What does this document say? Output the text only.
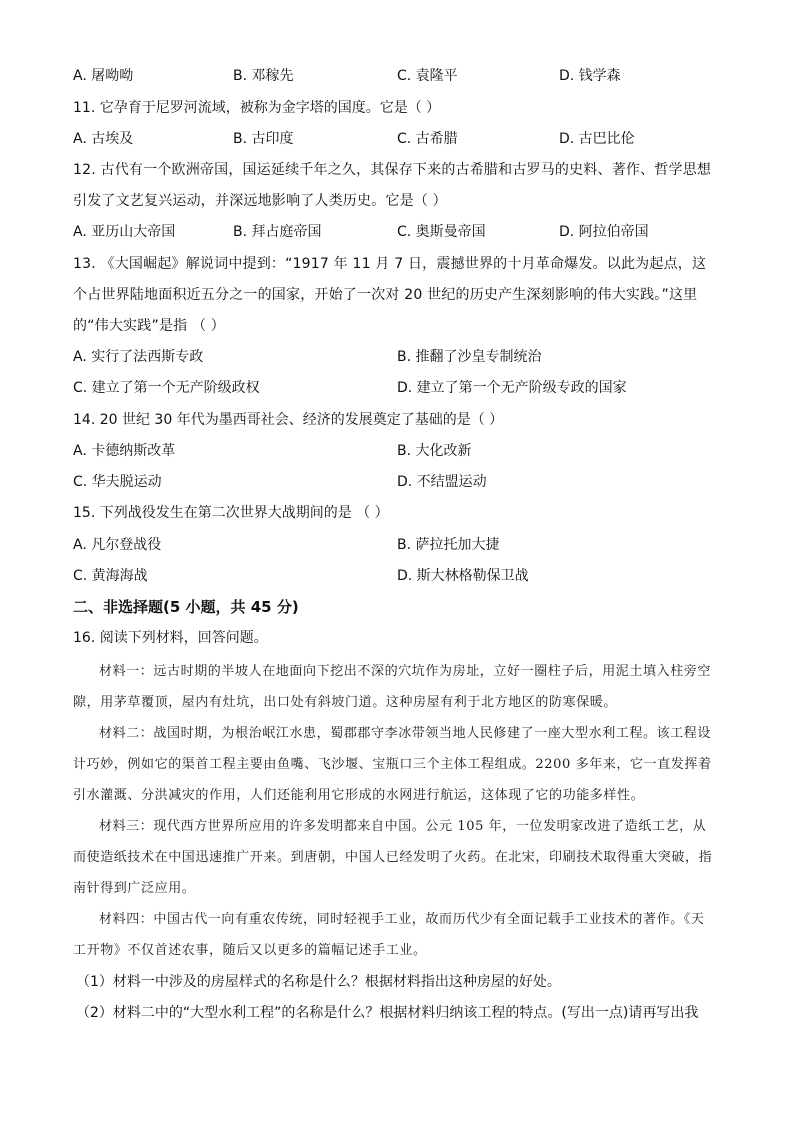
A. 屠呦呦	B. 邓稼先	C. 袁隆平	D. 钱学森
11. 它孕育于尼罗河流域，被称为金字塔的国度。它是（ ）
A. 古埃及	B. 古印度	C. 古希腊	D. 古巴比伦
12. 古代有一个欧洲帝国，国运延续千年之久，其保存下来的古希腊和古罗马的史料、著作、哲学思想引发了文艺复兴运动，并深远地影响了人类历史。它是（ ）
A. 亚历山大帝国	B. 拜占庭帝国	C. 奥斯曼帝国	D. 阿拉伯帝国
13. 《大国崛起》解说词中提到：“1917 年 11 月 7 日，震撼世界的十月革命爆发。以此为起点，这个占世界陆地面积近五分之一的国家，开始了一次对 20 世纪的历史产生深刻影响的伟大实践。”这里的“伟大实践”是指 （ ）
A. 实行了法西斯专政	B. 推翻了沙皇专制统治
C. 建立了第一个无产阶级政权	D. 建立了第一个无产阶级专政的国家
14. 20 世纪 30 年代为墨西哥社会、经济的发展奠定了基础的是（ ）
A. 卡德纳斯改革	B. 大化改新
C. 华夫脱运动	D. 不结盟运动
15. 下列战役发生在第二次世界大战期间的是 （ ）
A. 凡尔登战役	B. 萨拉托加大捷
C. 黄海海战	D. 斯大林格勒保卫战
二、非选择题(5 小题，共 45 分)
16. 阅读下列材料，回答问题。
材料一：远古时期的半坡人在地面向下挖出不深的穴坑作为房址，立好一圈柱子后，用泥土填入柱旁空隙，用茅草覆顶，屋内有灶坑，出口处有斜坡门道。这种房屋有利于北方地区的防寒保暖。
材料二：战国时期，为根治岷江水患，蜀郡郡守李冰带领当地人民修建了一座大型水利工程。该工程设计巧妙，例如它的渠首工程主要由鱼嘴、飞沙堰、宝瓶口三个主体工程组成。2200 多年来，它一直发挥着引水灌溉、分洪减灾的作用，人们还能利用它形成的水网进行航运，这体现了它的功能多样性。
材料三：现代西方世界所应用的许多发明都来自中国。公元 105 年，一位发明家改进了造纸工艺，从而使造纸技术在中国迅速推广开来。到唐朝，中国人已经发明了火药。在北宋，印刷技术取得重大突破，指南针得到广泛应用。
材料四：中国古代一向有重农传统，同时轻视手工业，故而历代少有全面记载手工业技术的著作。《天工开物》不仅首述农事，随后又以更多的篇幅记述手工业。
（1）材料一中涉及的房屋样式的名称是什么？根据材料指出这种房屋的好处。
（2）材料二中的“大型水利工程”的名称是什么？根据材料归纳该工程的特点。(写出一点)请再写出我
